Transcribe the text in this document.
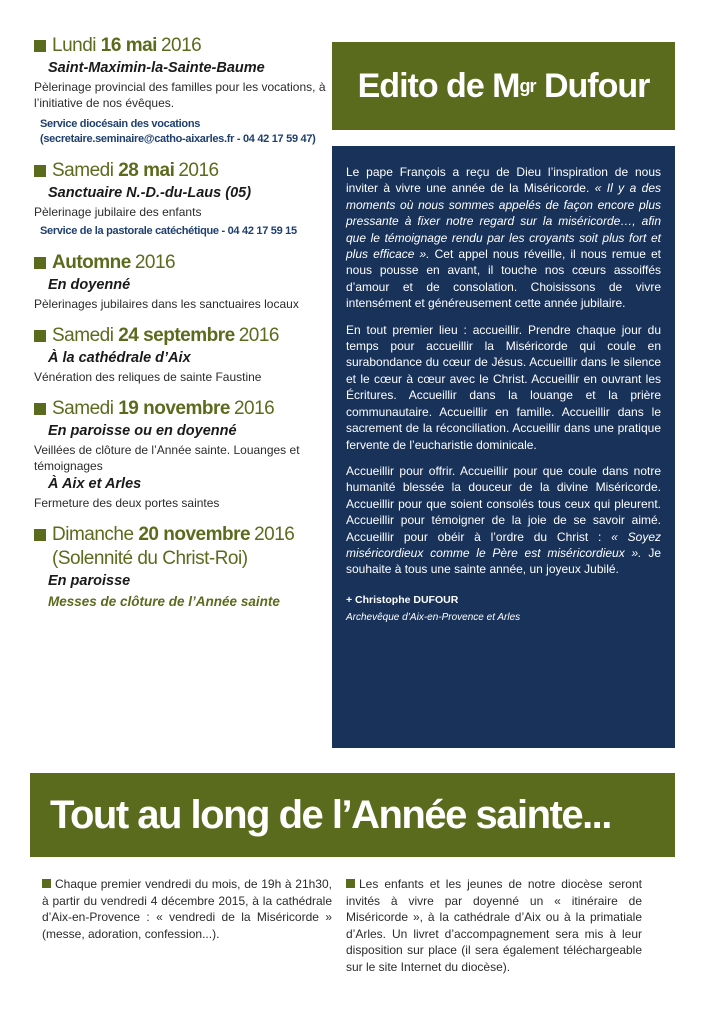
Lundi
16 mai 2016
Saint-Maximin-la-Sainte-Baume
Pèlerinage provincial des familles pour les vocations, à l’initiative de nos évêques.
Service diocésain des vocations
(secretaire.seminaire@catho-aixarles.fr - 04 42 17 59 47)
Samedi
28 mai 2016
Sanctuaire N.-D.-du-Laus (05)
Pèlerinage jubilaire des enfants
Service de la pastorale catéchétique - 04 42 17 59 15
Automne 2016
En doyenné
Pèlerinages jubilaires dans les sanctuaires locaux
Samedi
24 septembre 2016
À la cathédrale d’Aix
Vénération des reliques de sainte Faustine
Samedi
19 novembre 2016
En paroisse ou en doyenné
Veillées de clôture de l’Année sainte. Louanges et témoignages
À Aix et Arles
Fermeture des deux portes saintes
Dimanche
20 novembre 2016
(Solennité du Christ-Roi)
En paroisse
Messes de clôture de l’Année sainte
Edito de M gr Dufour

Le pape François a reçu de Dieu l’inspiration de nous inviter à vivre une année de la Miséricorde. « Il y a des moments où nous sommes appelés de façon encore plus pressante à fixer notre regard sur la miséricorde…, afin que le témoignage rendu par les croyants soit plus fort et plus efficace ». Cet appel nous réveille, il nous remue et nous pousse en avant, il touche nos cœurs assoiffés d’amour et de consolation. Choisissons de vivre intensément et généreusement cette année jubilaire.

En tout premier lieu : accueillir. Prendre chaque jour du temps pour accueillir la Miséricorde qui coule en surabondance du cœur de Jésus. Accueillir dans le silence et le cœur à cœur avec le Christ. Accueillir en ouvrant les Écritures. Accueillir dans la louange et la prière communautaire. Accueillir en famille. Accueillir dans le sacrement de la réconciliation. Accueillir dans une pratique fervente de l’eucharistie dominicale.

Accueillir pour offrir. Accueillir pour que coule dans notre humanité blessée la douceur de la divine Miséricorde. Accueillir pour que soient consolés tous ceux qui pleurent. Accueillir pour témoigner de la joie de se savoir aimé. Accueillir pour obéir à l’ordre du Christ : « Soyez miséricordieux comme le Père est miséricordieux ». Je souhaite à tous une sainte année, un joyeux Jubilé.

+ Christophe DUFOUR

Archevêque d’Aix-en-Provence et Arles

Tout au long de l’Année sainte...
Chaque premier vendredi du mois, de 19h à 21h30, à partir du vendredi 4 décembre 2015, à la cathédrale d’Aix-en-Provence : « vendredi de la Miséricorde » (messe, adoration, confession...).
Les enfants et les jeunes de notre diocèse seront invités à vivre par doyenné un « itinéraire de Miséricorde », à la cathédrale d’Aix ou à la primatiale d’Arles. Un livret d’accompagnement sera mis à leur disposition sur place (il sera également téléchargeable sur le site Internet du diocèse).
